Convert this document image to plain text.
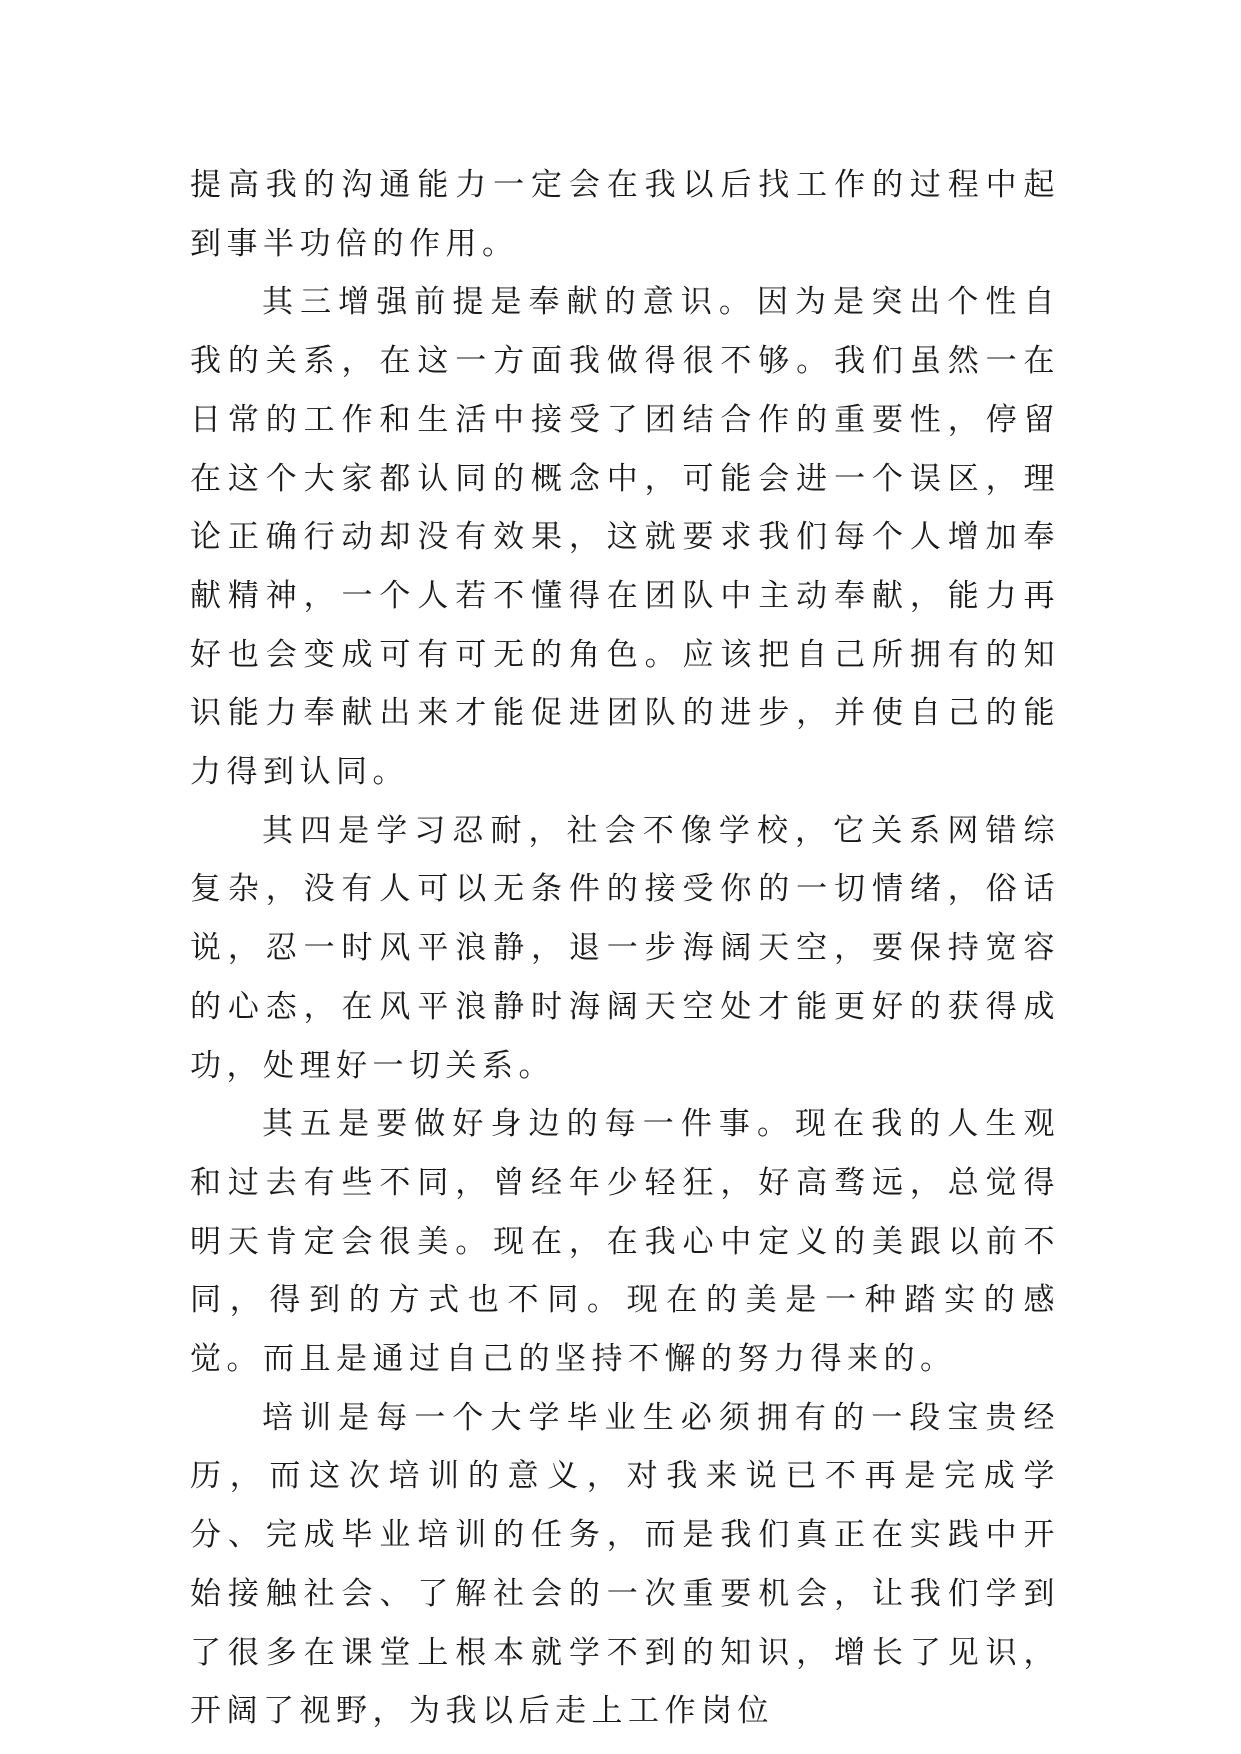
提高我的沟通能力一定会在我以后找工作的过程中起到事半功倍的作用。

其三增强前提是奉献的意识。因为是突出个性自我的关系，在这一方面我做得很不够。我们虽然一在日常的工作和生活中接受了团结合作的重要性，停留在这个大家都认同的概念中，可能会进一个误区，理论正确行动却没有效果，这就要求我们每个人增加奉献精神，一个人若不懂得在团队中主动奉献，能力再好也会变成可有可无的角色。应该把自己所拥有的知识能力奉献出来才能促进团队的进步，并使自己的能力得到认同。

其四是学习忍耐，社会不像学校，它关系网错综复杂，没有人可以无条件的接受你的一切情绪，俗话说，忍一时风平浪静，退一步海阔天空，要保持宽容的心态，在风平浪静时海阔天空处才能更好的获得成功，处理好一切关系。

其五是要做好身边的每一件事。现在我的人生观和过去有些不同，曾经年少轻狂，好高骛远，总觉得明天肯定会很美。现在，在我心中定义的美跟以前不同，得到的方式也不同。现在的美是一种踏实的感觉。而且是通过自己的坚持不懈的努力得来的。

培训是每一个大学毕业生必须拥有的一段宝贵经历，而这次培训的意义，对我来说已不再是完成学分、完成毕业培训的任务，而是我们真正在实践中开始接触社会、了解社会的一次重要机会，让我们学到了很多在课堂上根本就学不到的知识，增长了见识，开阔了视野，为我以后走上工作岗位
